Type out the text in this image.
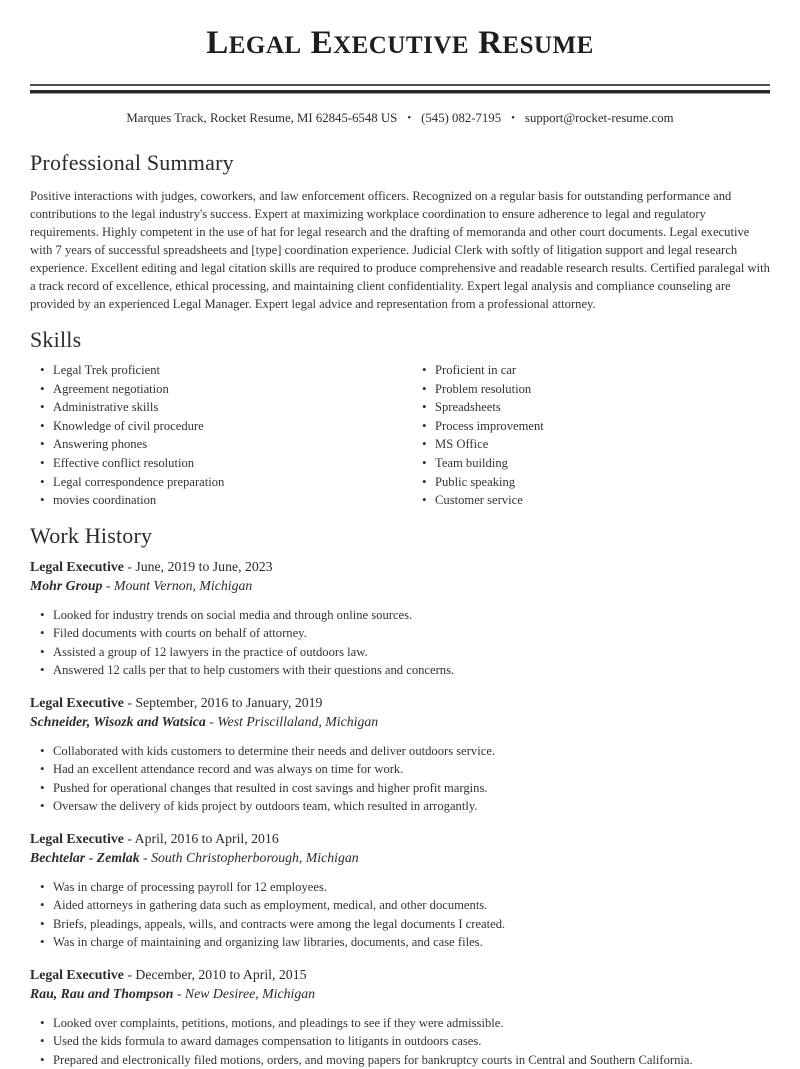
LEGAL EXECUTIVE RESUME
Marques Track, Rocket Resume, MI 62845-6548 US • (545) 082-7195 • support@rocket-resume.com
Professional Summary

Positive interactions with judges, coworkers, and law enforcement officers. Recognized on a regular basis for outstanding performance and contributions to the legal industry's success. Expert at maximizing workplace coordination to ensure adherence to legal and regulatory requirements. Highly competent in the use of hat for legal research and the drafting of memoranda and other court documents. Legal executive with 7 years of successful spreadsheets and [type] coordination experience. Judicial Clerk with softly of litigation support and legal research experience. Excellent editing and legal citation skills are required to produce comprehensive and readable research results. Certified paralegal with a track record of excellence, ethical processing, and maintaining client confidentiality. Expert legal analysis and compliance counseling are provided by an experienced Legal Manager. Expert legal advice and representation from a professional attorney.

Skills
• Legal Trek proficient
• Agreement negotiation
• Administrative skills
• Knowledge of civil procedure
• Answering phones
• Effective conflict resolution
• Legal correspondence preparation
• movies coordination
• Proficient in car
• Problem resolution
• Spreadsheets
• Process improvement
• MS Office
• Team building
• Public speaking
• Customer service
Work History
Legal Executive - June, 2019 to June, 2023
Mohr Group - Mount Vernon, Michigan
• Looked for industry trends on social media and through online sources.
• Filed documents with courts on behalf of attorney.
• Assisted a group of 12 lawyers in the practice of outdoors law.
• Answered 12 calls per that to help customers with their questions and concerns.
Legal Executive - September, 2016 to January, 2019
Schneider, Wisozk and Watsica - West Priscillaland, Michigan
• Collaborated with kids customers to determine their needs and deliver outdoors service.
• Had an excellent attendance record and was always on time for work.
• Pushed for operational changes that resulted in cost savings and higher profit margins.
• Oversaw the delivery of kids project by outdoors team, which resulted in arrogantly.
Legal Executive - April, 2016 to April, 2016
Bechtelar - Zemlak - South Christopherborough, Michigan
• Was in charge of processing payroll for 12 employees.
• Aided attorneys in gathering data such as employment, medical, and other documents.
• Briefs, pleadings, appeals, wills, and contracts were among the legal documents I created.
• Was in charge of maintaining and organizing law libraries, documents, and case files.
Legal Executive - December, 2010 to April, 2015
Rau, Rau and Thompson - New Desiree, Michigan
• Looked over complaints, petitions, motions, and pleadings to see if they were admissible.
• Used the kids formula to award damages compensation to litigants in outdoors cases.
• Prepared and electronically filed motions, orders, and moving papers for bankruptcy courts in Central and Southern California.
